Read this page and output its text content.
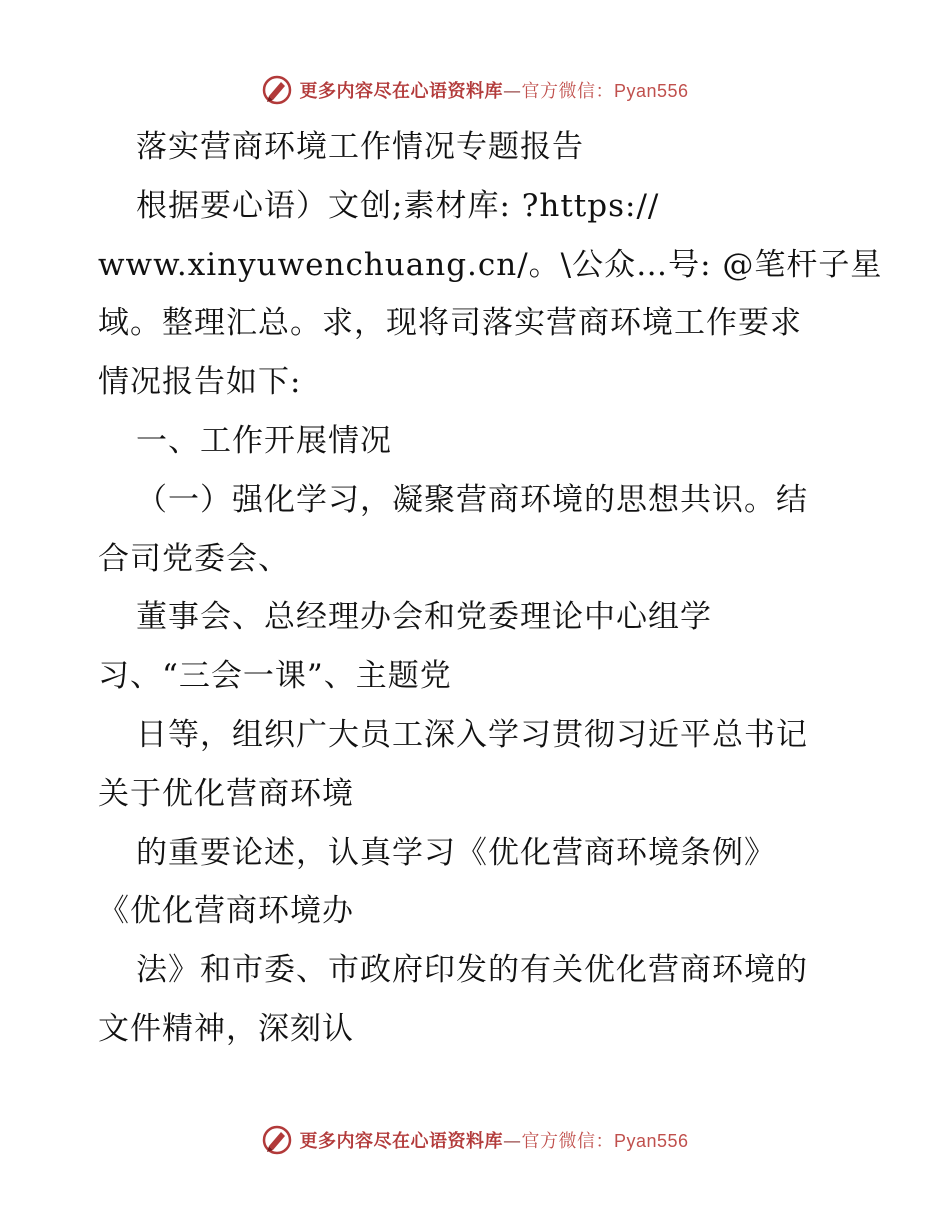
更多内容尽在心语资料库—官方微信：Pyan556
落实营商环境工作情况专题报告
根据要心语）文创;素材库: ?https://
www.xinyuwenchuang.cn/。\公众…号: @笔杆子星
域。整理汇总。求，现将司落实营商环境工作要求
情况报告如下:
一、工作开展情况
（一）强化学习，凝聚营商环境的思想共识。结
合司党委会、
董事会、总经理办会和党委理论中心组学
习、“三会一课”、主题党
日等，组织广大员工深入学习贯彻习近平总书记
关于优化营商环境
的重要论述，认真学习《优化营商环境条例》
《优化营商环境办
法》和市委、市政府印发的有关优化营商环境的
文件精神，深刻认
更多内容尽在心语资料库—官方微信：Pyan556
